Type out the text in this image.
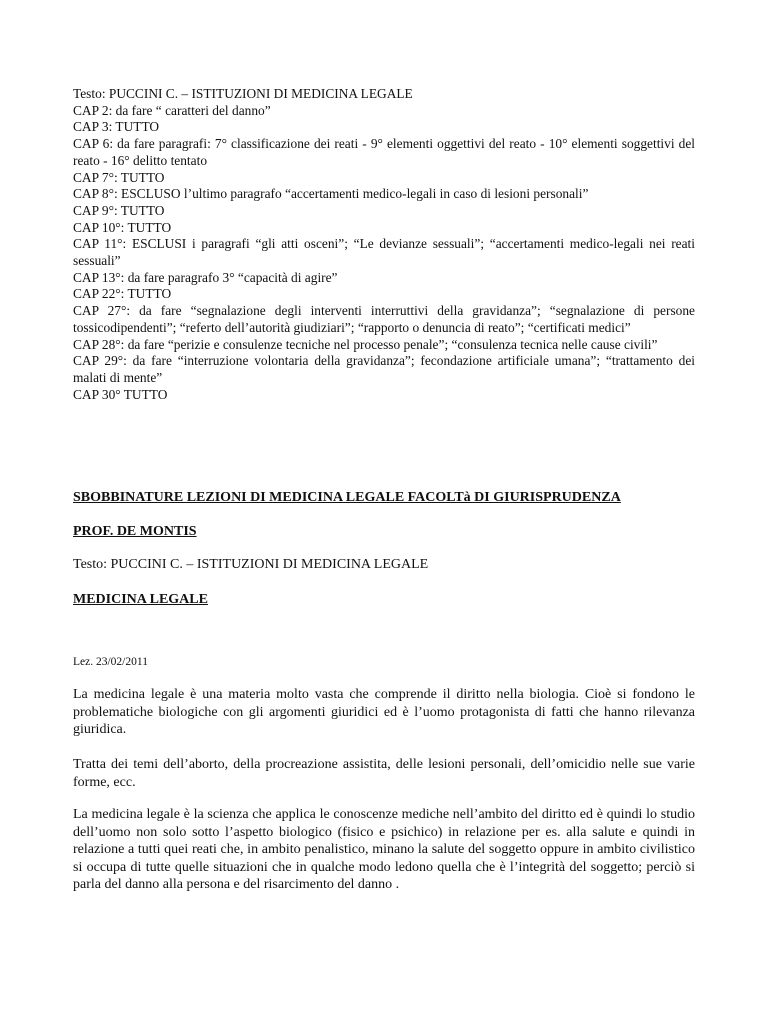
Testo: PUCCINI C. – ISTITUZIONI DI MEDICINA LEGALE
CAP 2: da fare “ caratteri del danno”
CAP 3: TUTTO
CAP 6: da fare paragrafi: 7° classificazione dei reati - 9° elementi oggettivi del reato - 10° elementi soggettivi del reato - 16° delitto tentato
CAP 7°: TUTTO
CAP 8°: ESCLUSO l’ultimo paragrafo “accertamenti medico-legali in caso di lesioni personali”
CAP 9°: TUTTO
CAP 10°: TUTTO
CAP 11°: ESCLUSI i paragrafi “gli atti osceni”; “Le devianze sessuali”; “accertamenti medico-legali nei reati sessuali”
CAP 13°: da fare paragrafo 3° “capacità di agire”
CAP 22°: TUTTO
CAP 27°: da fare “segnalazione degli interventi interruttivi della gravidanza”; “segnalazione di persone tossicodipendenti”; “referto dell’autorità giudiziari”; “rapporto o denuncia di reato”; “certificati medici”
CAP 28°: da fare “perizie e consulenze tecniche nel processo penale”; “consulenza tecnica nelle cause civili”
CAP 29°: da fare “interruzione volontaria della gravidanza”; fecondazione artificiale umana”; “trattamento dei malati di mente”
CAP 30° TUTTO
SBOBBINATURE LEZIONI DI MEDICINA LEGALE FACOLTà DI GIURISPRUDENZA
PROF. DE MONTIS
Testo: PUCCINI C. – ISTITUZIONI DI MEDICINA LEGALE
MEDICINA LEGALE
Lez. 23/02/2011

La medicina legale è una materia molto vasta che comprende il diritto nella biologia. Cioè si fondono le problematiche biologiche con gli argomenti giuridici ed è l’uomo protagonista di fatti che hanno rilevanza giuridica.

Tratta dei temi dell’aborto, della procreazione assistita, delle lesioni personali, dell’omicidio nelle sue varie forme, ecc.

La medicina legale è la scienza che applica le conoscenze mediche nell’ambito del diritto ed è quindi lo studio dell’uomo non solo sotto l’aspetto biologico (fisico e psichico) in relazione per es. alla salute e quindi in relazione a tutti quei reati che, in ambito penalistico, minano la salute del soggetto oppure in ambito civilistico si occupa di tutte quelle situazioni che in qualche modo ledono quella che è l’integrità del soggetto; perciò si parla del danno alla persona e del risarcimento del danno .
